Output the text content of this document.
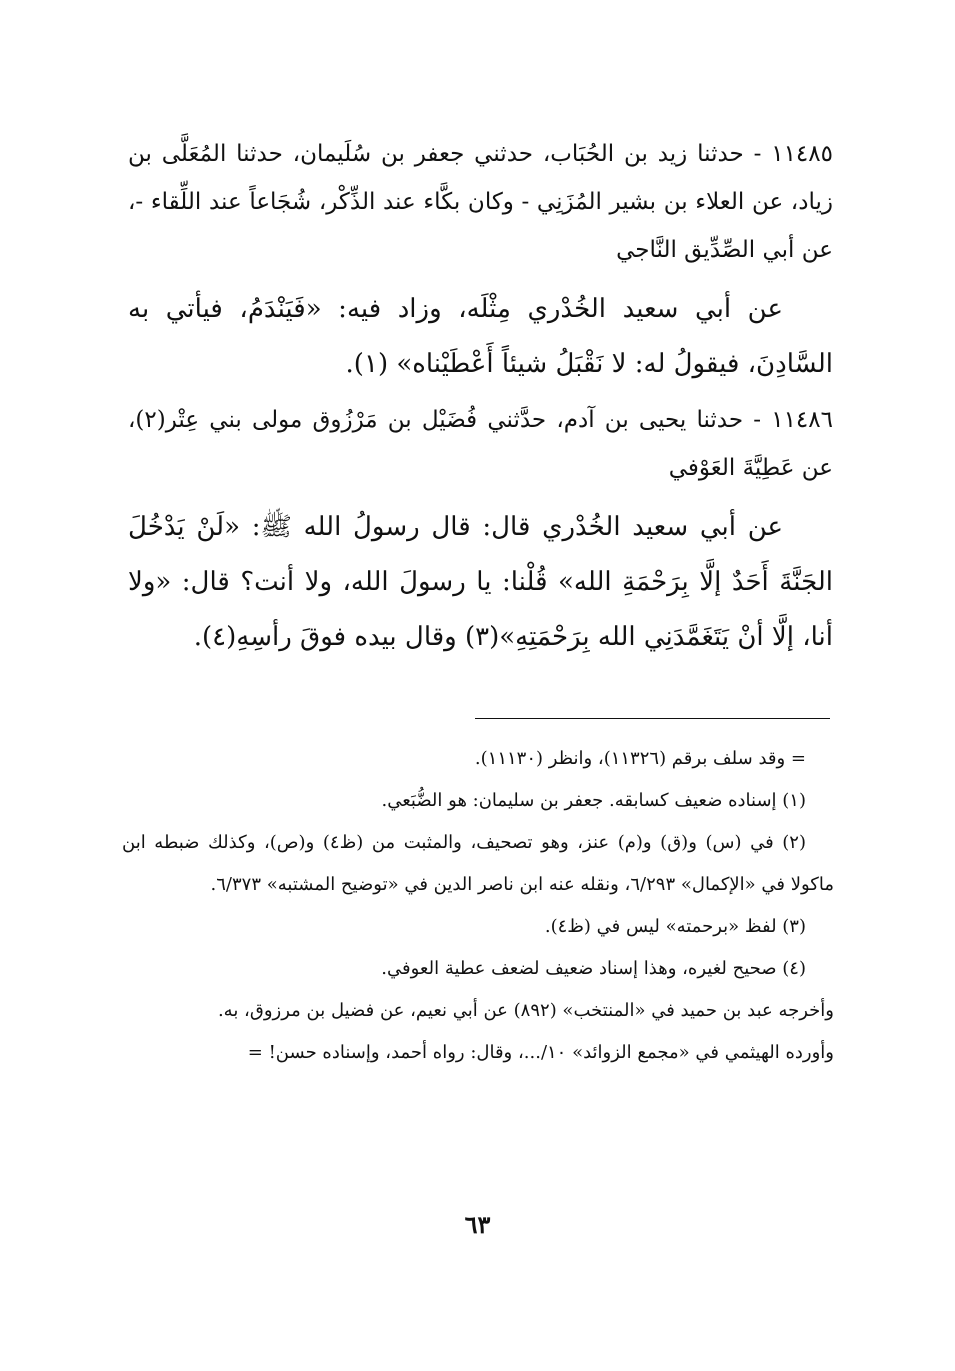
١١٤٨٥ - حدثنا زيد بن الحُبَاب، حدثني جعفر بن سُلَيمان، حدثنا المُعَلَّى بن زياد، عن العلاء بن بشير المُزَنِي - وكان بكَّاء عند الذِّكْر، شُجَاعاً عند اللِّقاء -، عن أبي الصِّدِّيق النَّاجي

عن أبي سعيد الخُدْري مِثْلَه، وزاد فيه: «فَيَنْدَمُ، فيأتي به السَّادِنَ، فيقولُ له: لا نَقْبَلُ شيئاً أَعْطَيْناه» (١).

١١٤٨٦ - حدثنا يحيى بن آدم، حدَّثني فُضَيْل بن مَرْزُوق مولى بني عِتْر(٢)، عن عَطِيَّةَ العَوْفي

عن أبي سعيد الخُدْري قال: قال رسولُ الله ﷺ: «لَنْ يَدْخُلَ الجَنَّةَ أَحَدٌ إلَّا بِرَحْمَةِ الله» قُلْنا: يا رسولَ الله، ولا أنت؟ قال: «ولا أنا، إلَّا أنْ يَتَغَمَّدَنِي الله بِرَحْمَتِهِ»(٣) وقال بيده فوقَ رأسِهِ(٤).

= وقد سلف برقم (١١٣٢٦)، وانظر (١١١٣٠).

(١) إسناده ضعيف كسابقه. جعفر بن سليمان: هو الضُّبَعي.

(٢) في (س) و(ق) و(م) عنز، وهو تصحيف، والمثبت من (ظ٤) و(ص)، وكذلك ضبطه ابن ماكولا في «الإكمال» ٦/٢٩٣، ونقله عنه ابن ناصر الدين في «توضيح المشتبه» ٦/٣٧٣.

(٣) لفظ «برحمته» ليس في (ظ٤).

(٤) صحيح لغيره، وهذا إسناد ضعيف لضعف عطية العوفي.

وأخرجه عبد بن حميد في «المنتخب» (٨٩٢) عن أبي نعيم، عن فضيل بن مرزوق، به.

وأورده الهيثمي في «مجمع الزوائد» ١٠/...، وقال: رواه أحمد، وإسناده حسن! =

٦٣
